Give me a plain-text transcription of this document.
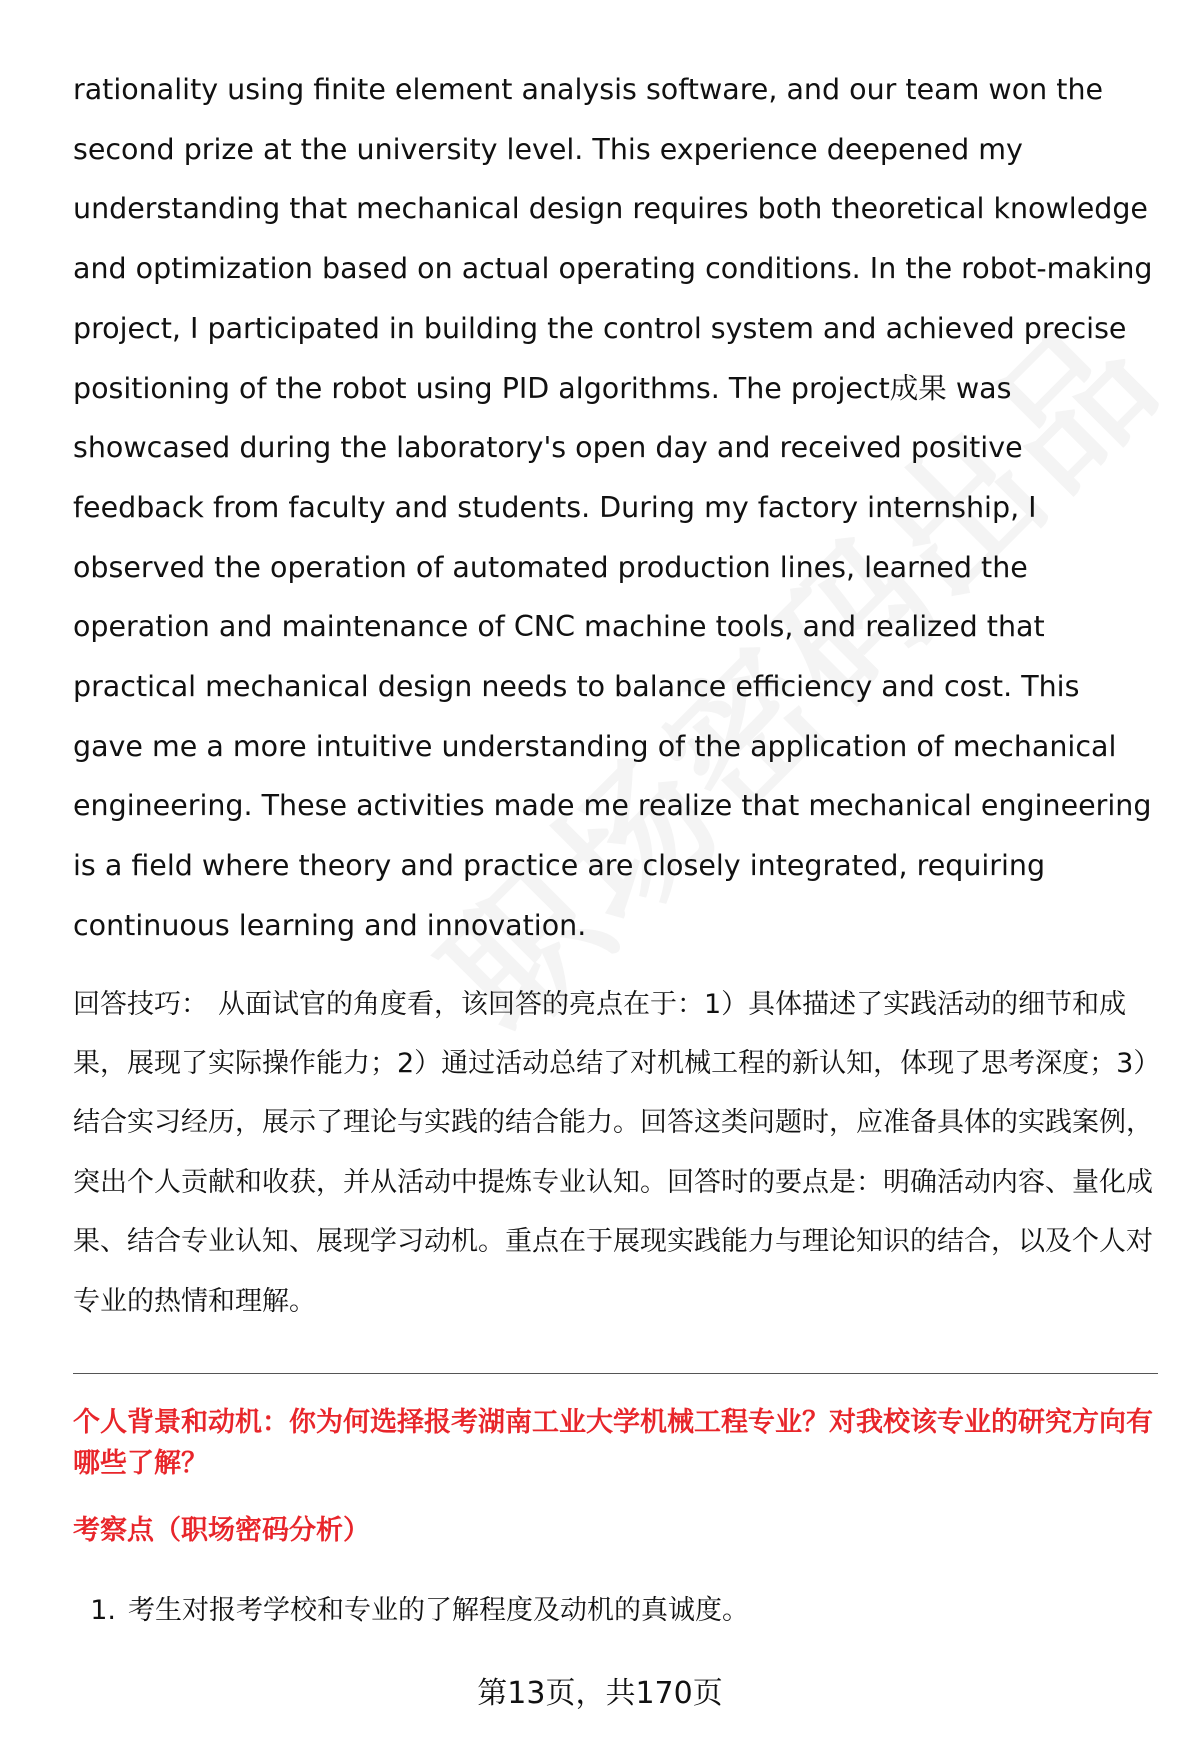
rationality using finite element analysis software, and our team won the second prize at the university level. This experience deepened my understanding that mechanical design requires both theoretical knowledge and optimization based on actual operating conditions. In the robot-making project, I participated in building the control system and achieved precise positioning of the robot using PID algorithms. The project成果 was showcased during the laboratory's open day and received positive feedback from faculty and students. During my factory internship, I observed the operation of automated production lines, learned the operation and maintenance of CNC machine tools, and realized that practical mechanical design needs to balance efficiency and cost. This gave me a more intuitive understanding of the application of mechanical engineering. These activities made me realize that mechanical engineering is a field where theory and practice are closely integrated, requiring continuous learning and innovation.

回答技巧： 从面试官的角度看，该回答的亮点在于：1）具体描述了实践活动的细节和成果，展现了实际操作能力；2）通过活动总结了对机械工程的新认知，体现了思考深度；3）结合实习经历，展示了理论与实践的结合能力。回答这类问题时，应准备具体的实践案例，突出个人贡献和收获，并从活动中提炼专业认知。回答时的要点是：明确活动内容、量化成果、结合专业认知、展现学习动机。重点在于展现实践能力与理论知识的结合，以及个人对专业的热情和理解。

个人背景和动机：你为何选择报考湖南工业大学机械工程专业？对我校该专业的研究方向有哪些了解？
考察点（职场密码分析）
1. 考生对报考学校和专业的了解程度及动机的真诚度。
第13页，共170页
